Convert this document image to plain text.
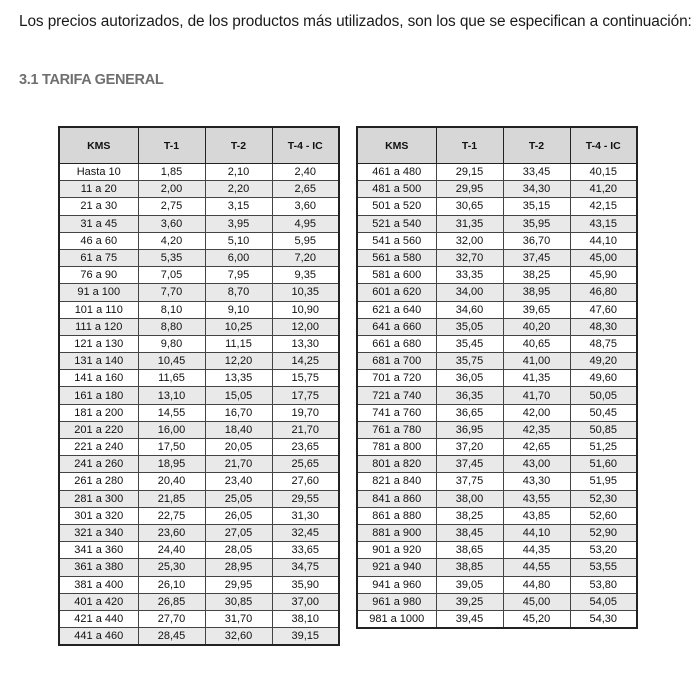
Los precios autorizados, de los productos más utilizados, son los que se especifican a continuación:
3.1 TARIFA GENERAL
KMS	T-1	T-2	T-4 - IC
Hasta 10	1,85	2,10	2,40
11 a 20	2,00	2,20	2,65
21 a 30	2,75	3,15	3,60
31 a 45	3,60	3,95	4,95
46 a 60	4,20	5,10	5,95
61 a 75	5,35	6,00	7,20
76 a 90	7,05	7,95	9,35
91 a 100	7,70	8,70	10,35
101 a 110	8,10	9,10	10,90
111 a 120	8,80	10,25	12,00
121 a 130	9,80	11,15	13,30
131 a 140	10,45	12,20	14,25
141 a 160	11,65	13,35	15,75
161 a 180	13,10	15,05	17,75
181 a 200	14,55	16,70	19,70
201 a 220	16,00	18,40	21,70
221 a 240	17,50	20,05	23,65
241 a 260	18,95	21,70	25,65
261 a 280	20,40	23,40	27,60
281 a 300	21,85	25,05	29,55
301 a 320	22,75	26,05	31,30
321 a 340	23,60	27,05	32,45
341 a 360	24,40	28,05	33,65
361 a 380	25,30	28,95	34,75
381 a 400	26,10	29,95	35,90
401 a 420	26,85	30,85	37,00
421 a 440	27,70	31,70	38,10
441 a 460	28,45	32,60	39,15
KMS	T-1	T-2	T-4 - IC
461 a 480	29,15	33,45	40,15
481 a 500	29,95	34,30	41,20
501 a 520	30,65	35,15	42,15
521 a 540	31,35	35,95	43,15
541 a 560	32,00	36,70	44,10
561 a 580	32,70	37,45	45,00
581 a 600	33,35	38,25	45,90
601 a 620	34,00	38,95	46,80
621 a 640	34,60	39,65	47,60
641 a 660	35,05	40,20	48,30
661 a 680	35,45	40,65	48,75
681 a 700	35,75	41,00	49,20
701 a 720	36,05	41,35	49,60
721 a 740	36,35	41,70	50,05
741 a 760	36,65	42,00	50,45
761 a 780	36,95	42,35	50,85
781 a 800	37,20	42,65	51,25
801 a 820	37,45	43,00	51,60
821 a 840	37,75	43,30	51,95
841 a 860	38,00	43,55	52,30
861 a 880	38,25	43,85	52,60
881 a 900	38,45	44,10	52,90
901 a 920	38,65	44,35	53,20
921 a 940	38,85	44,55	53,55
941 a 960	39,05	44,80	53,80
961 a 980	39,25	45,00	54,05
981 a 1000	39,45	45,20	54,30
